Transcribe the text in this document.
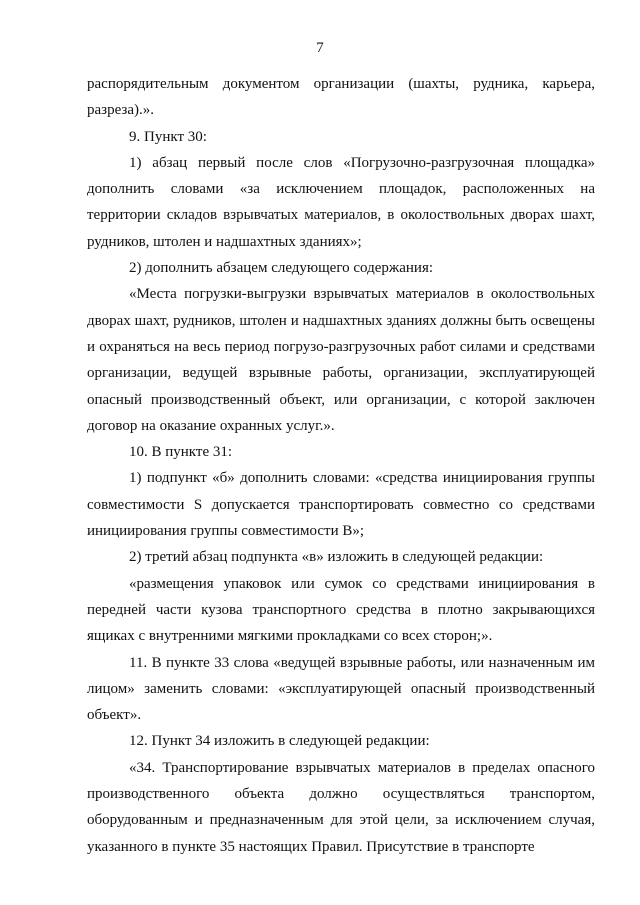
7

распорядительным документом организации (шахты, рудника, карьера, разреза).».

9. Пункт 30:

1) абзац первый после слов «Погрузочно-разгрузочная площадка» дополнить словами «за исключением площадок, расположенных на территории складов взрывчатых материалов, в околоствольных дворах шахт, рудников, штолен и надшахтных зданиях»;

2) дополнить абзацем следующего содержания:

«Места погрузки-выгрузки взрывчатых материалов в околоствольных дворах шахт, рудников, штолен и надшахтных зданиях должны быть освещены и охраняться на весь период погрузо-разгрузочных работ силами и средствами организации, ведущей взрывные работы, организации, эксплуатирующей опасный производственный объект, или организации, с которой заключен договор на оказание охранных услуг.».

10. В пункте 31:

1) подпункт «б» дополнить словами: «средства инициирования группы совместимости S допускается транспортировать совместно со средствами инициирования группы совместимости B»;

2) третий абзац подпункта «в» изложить в следующей редакции:

«размещения упаковок или сумок со средствами инициирования в передней части кузова транспортного средства в плотно закрывающихся ящиках с внутренними мягкими прокладками со всех сторон;».

11. В пункте 33 слова «ведущей взрывные работы, или назначенным им лицом» заменить словами: «эксплуатирующей опасный производственный объект».

12. Пункт 34 изложить в следующей редакции:

«34. Транспортирование взрывчатых материалов в пределах опасного производственного объекта должно осуществляться транспортом, оборудованным и предназначенным для этой цели, за исключением случая, указанного в пункте 35 настоящих Правил. Присутствие в транспорте
